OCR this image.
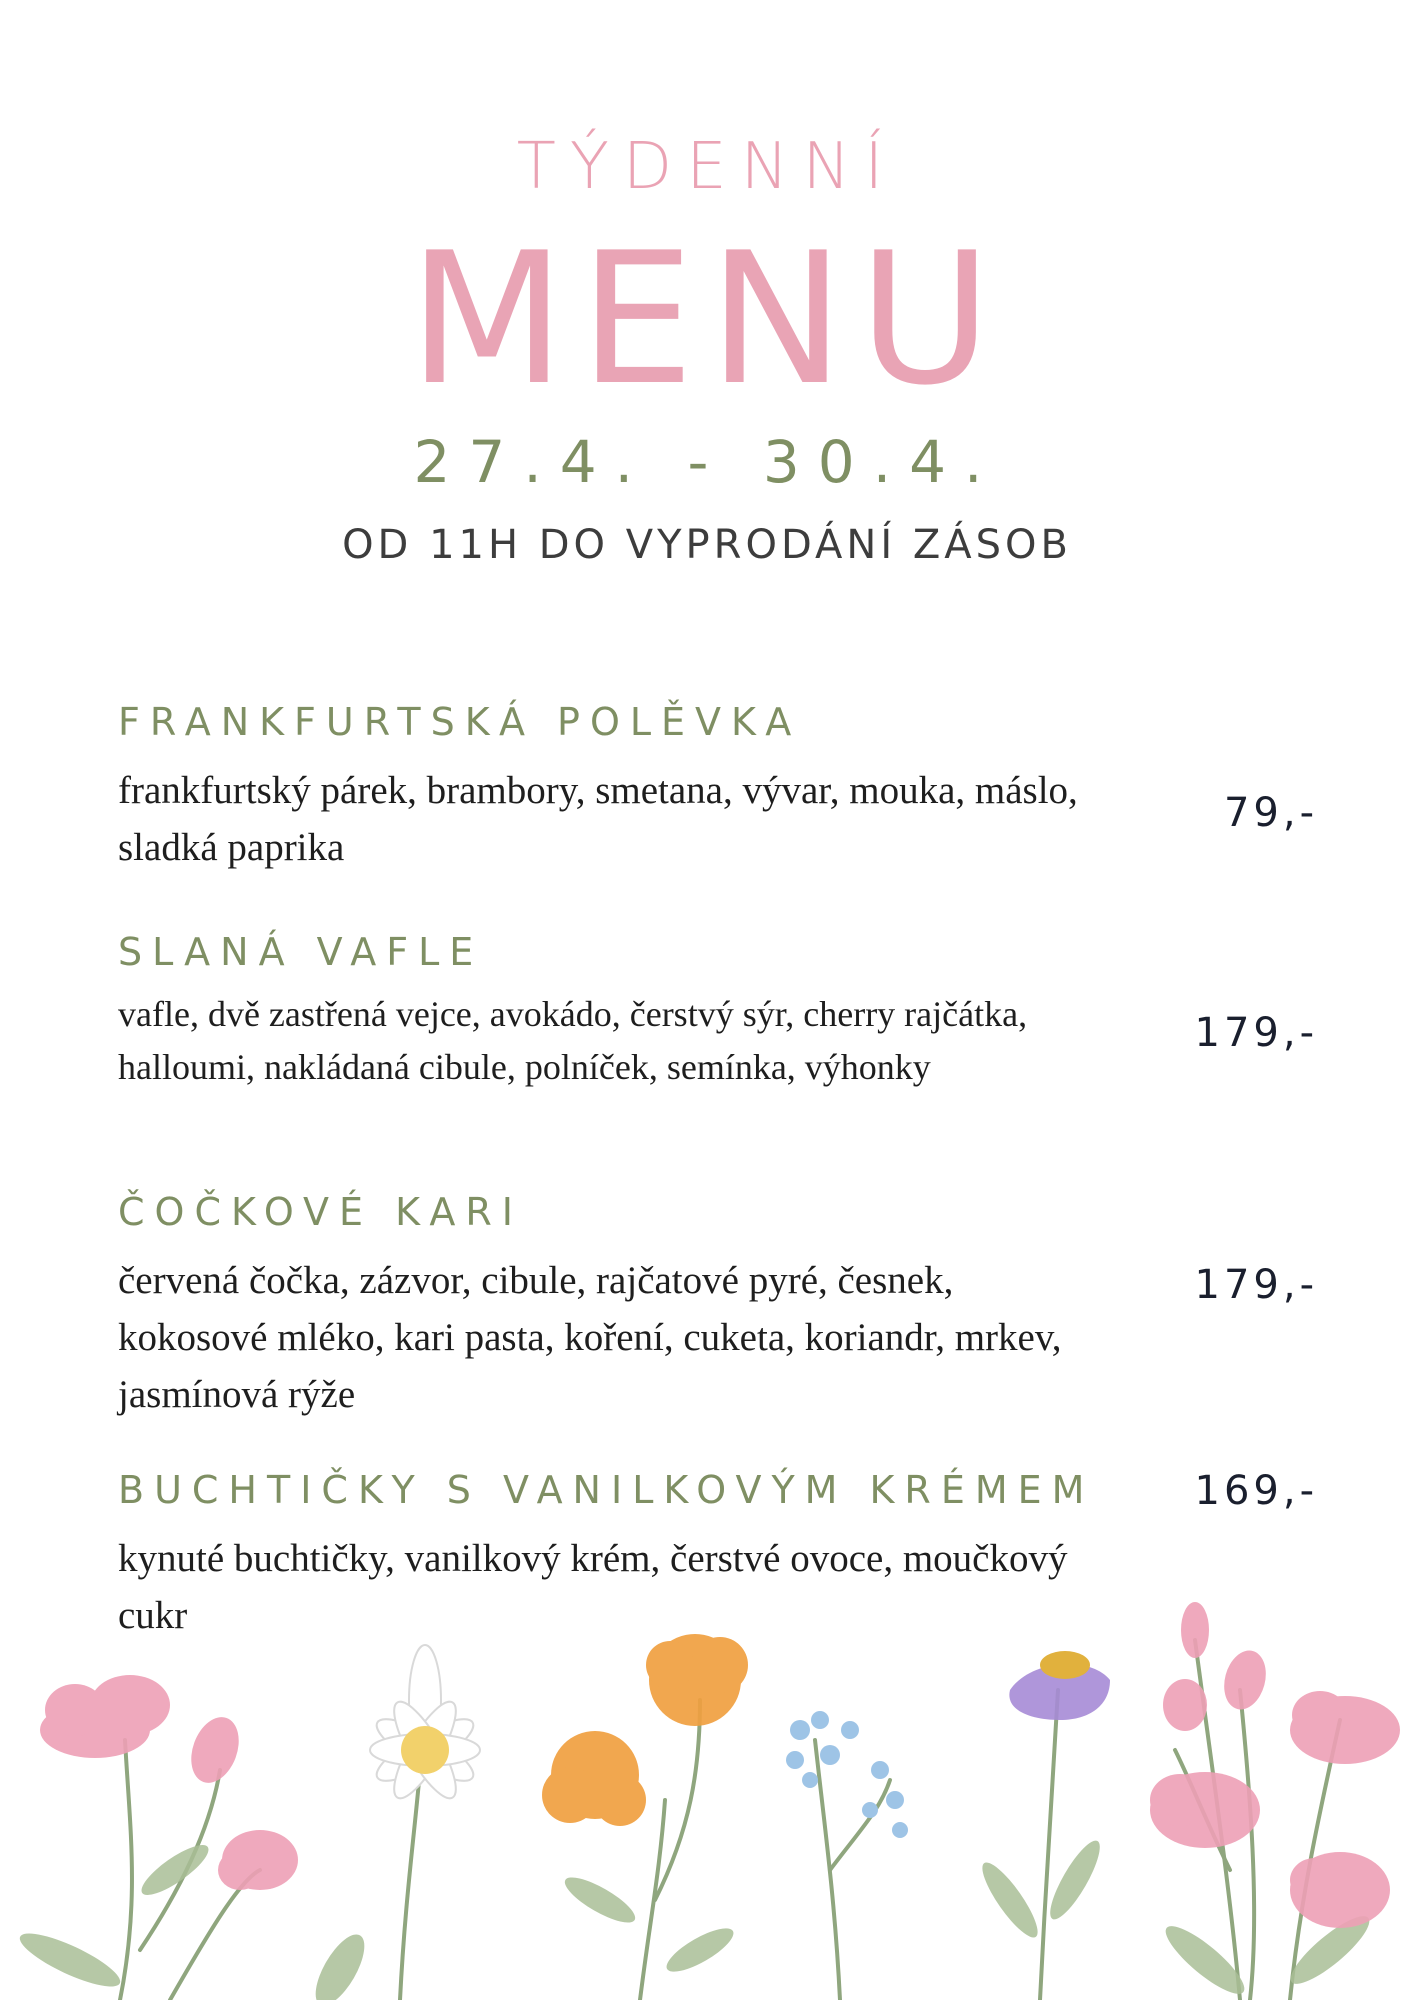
TÝDENNÍ
MENU
27.4. - 30.4.
OD 11H DO VYPRODÁNÍ ZÁSOB
FRANKFURTSKÁ POLĚVKA
frankfurtský párek, brambory, smetana, vývar, mouka, máslo, sladká paprika
79,-
SLANÁ VAFLE
vafle, dvě zastřená vejce, avokádo, čerstvý sýr, cherry rajčátka, halloumi, nakládaná cibule, polníček, semínka, výhonky
179,-
ČOČKOVÉ KARI
červená čočka, zázvor, cibule, rajčatové pyré, česnek, kokosové mléko, kari pasta, koření, cuketa, koriandr, mrkev, jasmínová rýže
179,-
BUCHTIČKY S VANILKOVÝM KRÉMEM
kynuté buchtičky, vanilkový krém, čerstvé ovoce, moučkový cukr
169,-
